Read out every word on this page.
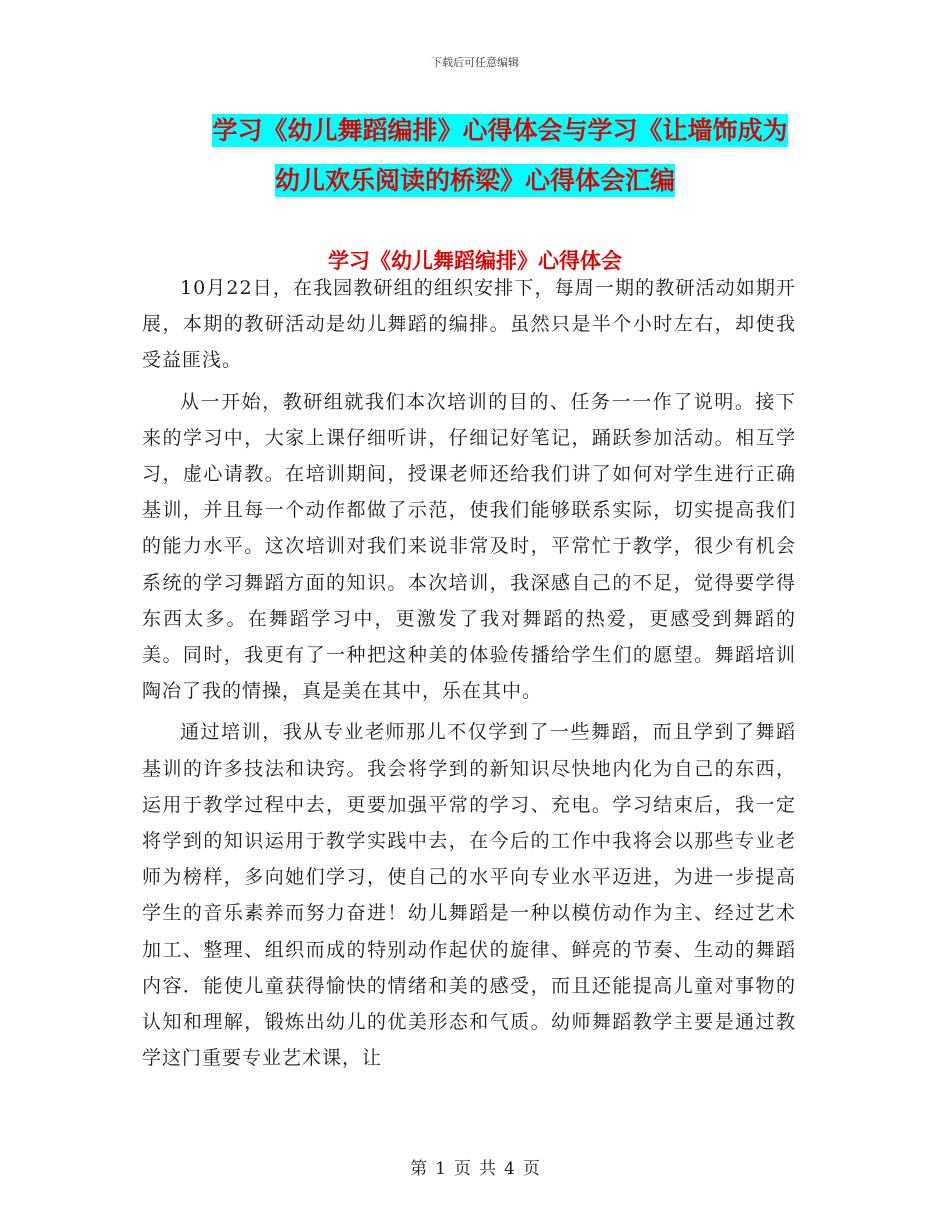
下载后可任意编辑
学习《幼儿舞蹈编排》心得体会与学习《让墙饰成为
幼儿欢乐阅读的桥梁》心得体会汇编
学习《幼儿舞蹈编排》心得体会

10月22日，在我园教研组的组织安排下，每周一期的教研活动如期开展，本期的教研活动是幼儿舞蹈的编排。虽然只是半个小时左右，却使我受益匪浅。

从一开始，教研组就我们本次培训的目的、任务一一作了说明。接下来的学习中，大家上课仔细听讲，仔细记好笔记，踊跃参加活动。相互学习，虚心请教。在培训期间，授课老师还给我们讲了如何对学生进行正确基训，并且每一个动作都做了示范，使我们能够联系实际，切实提高我们的能力水平。这次培训对我们来说非常及时，平常忙于教学，很少有机会系统的学习舞蹈方面的知识。本次培训，我深感自己的不足，觉得要学得东西太多。在舞蹈学习中，更激发了我对舞蹈的热爱，更感受到舞蹈的美。同时，我更有了一种把这种美的体验传播给学生们的愿望。舞蹈培训陶冶了我的情操，真是美在其中，乐在其中。

通过培训，我从专业老师那儿不仅学到了一些舞蹈，而且学到了舞蹈基训的许多技法和诀窍。我会将学到的新知识尽快地内化为自己的东西，运用于教学过程中去，更要加强平常的学习、充电。学习结束后，我一定将学到的知识运用于教学实践中去，在今后的工作中我将会以那些专业老师为榜样，多向她们学习，使自己的水平向专业水平迈进，为进一步提高学生的音乐素养而努力奋进！幼儿舞蹈是一种以模仿动作为主、经过艺术加工、整理、组织而成的特别动作起伏的旋律、鲜亮的节奏、生动的舞蹈内容．能使儿童获得愉快的情绪和美的感受，而且还能提高儿童对事物的认知和理解，锻炼出幼儿的优美形态和气质。幼师舞蹈教学主要是通过教学这门重要专业艺术课，让

第 1 页 共 4 页
